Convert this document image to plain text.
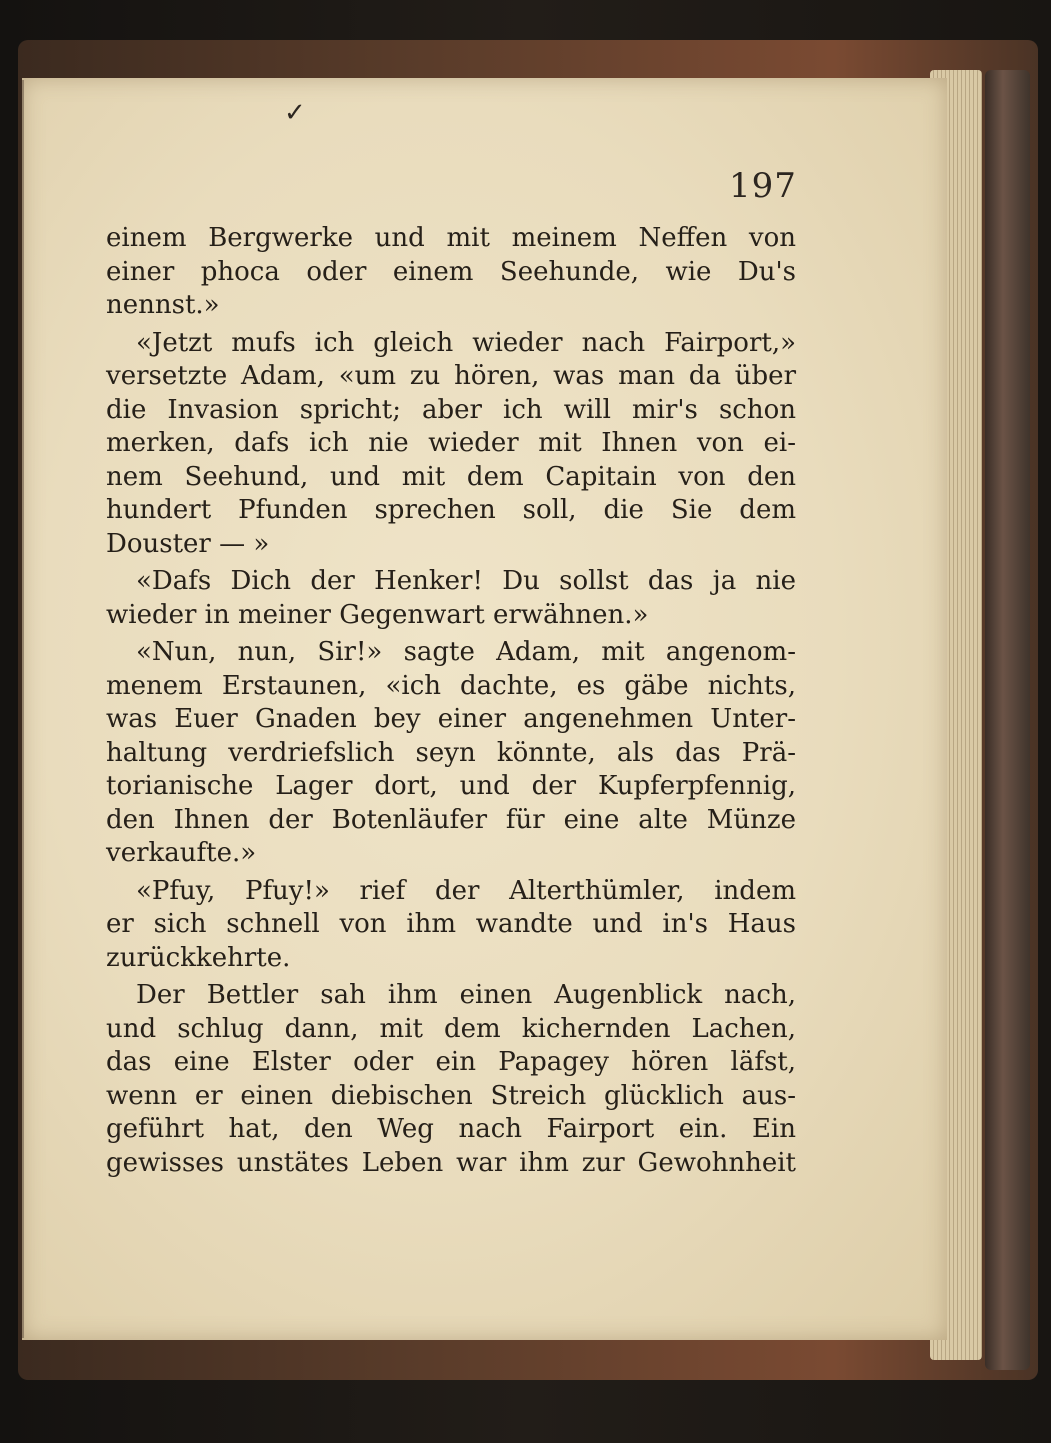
✓
197
einem Bergwerke und mit meinem Neffen von
einer phoca oder einem Seehunde, wie Du's
nennst.»
«Jetzt mufs ich gleich wieder nach Fairport,»
versetzte Adam, «um zu hören, was man da über
die Invasion spricht; aber ich will mir's schon
merken, dafs ich nie wieder mit Ihnen von ei-
nem Seehund, und mit dem Capitain von den
hundert Pfunden sprechen soll, die Sie dem
Douster — »
«Dafs Dich der Henker! Du sollst das ja nie
wieder in meiner Gegenwart erwähnen.»
«Nun, nun, Sir!» sagte Adam, mit angenom-
menem Erstaunen, «ich dachte, es gäbe nichts,
was Euer Gnaden bey einer angenehmen Unter-
haltung verdriefslich seyn könnte, als das Prä-
torianische Lager dort, und der Kupferpfennig,
den Ihnen der Botenläufer für eine alte Münze
verkaufte.»
«Pfuy, Pfuy!» rief der Alterthümler, indem
er sich schnell von ihm wandte und in's Haus
zurückkehrte.
Der Bettler sah ihm einen Augenblick nach,
und schlug dann, mit dem kichernden Lachen,
das eine Elster oder ein Papagey hören läfst,
wenn er einen diebischen Streich glücklich aus-
geführt hat, den Weg nach Fairport ein. Ein
gewisses unstätes Leben war ihm zur Gewohnheit
